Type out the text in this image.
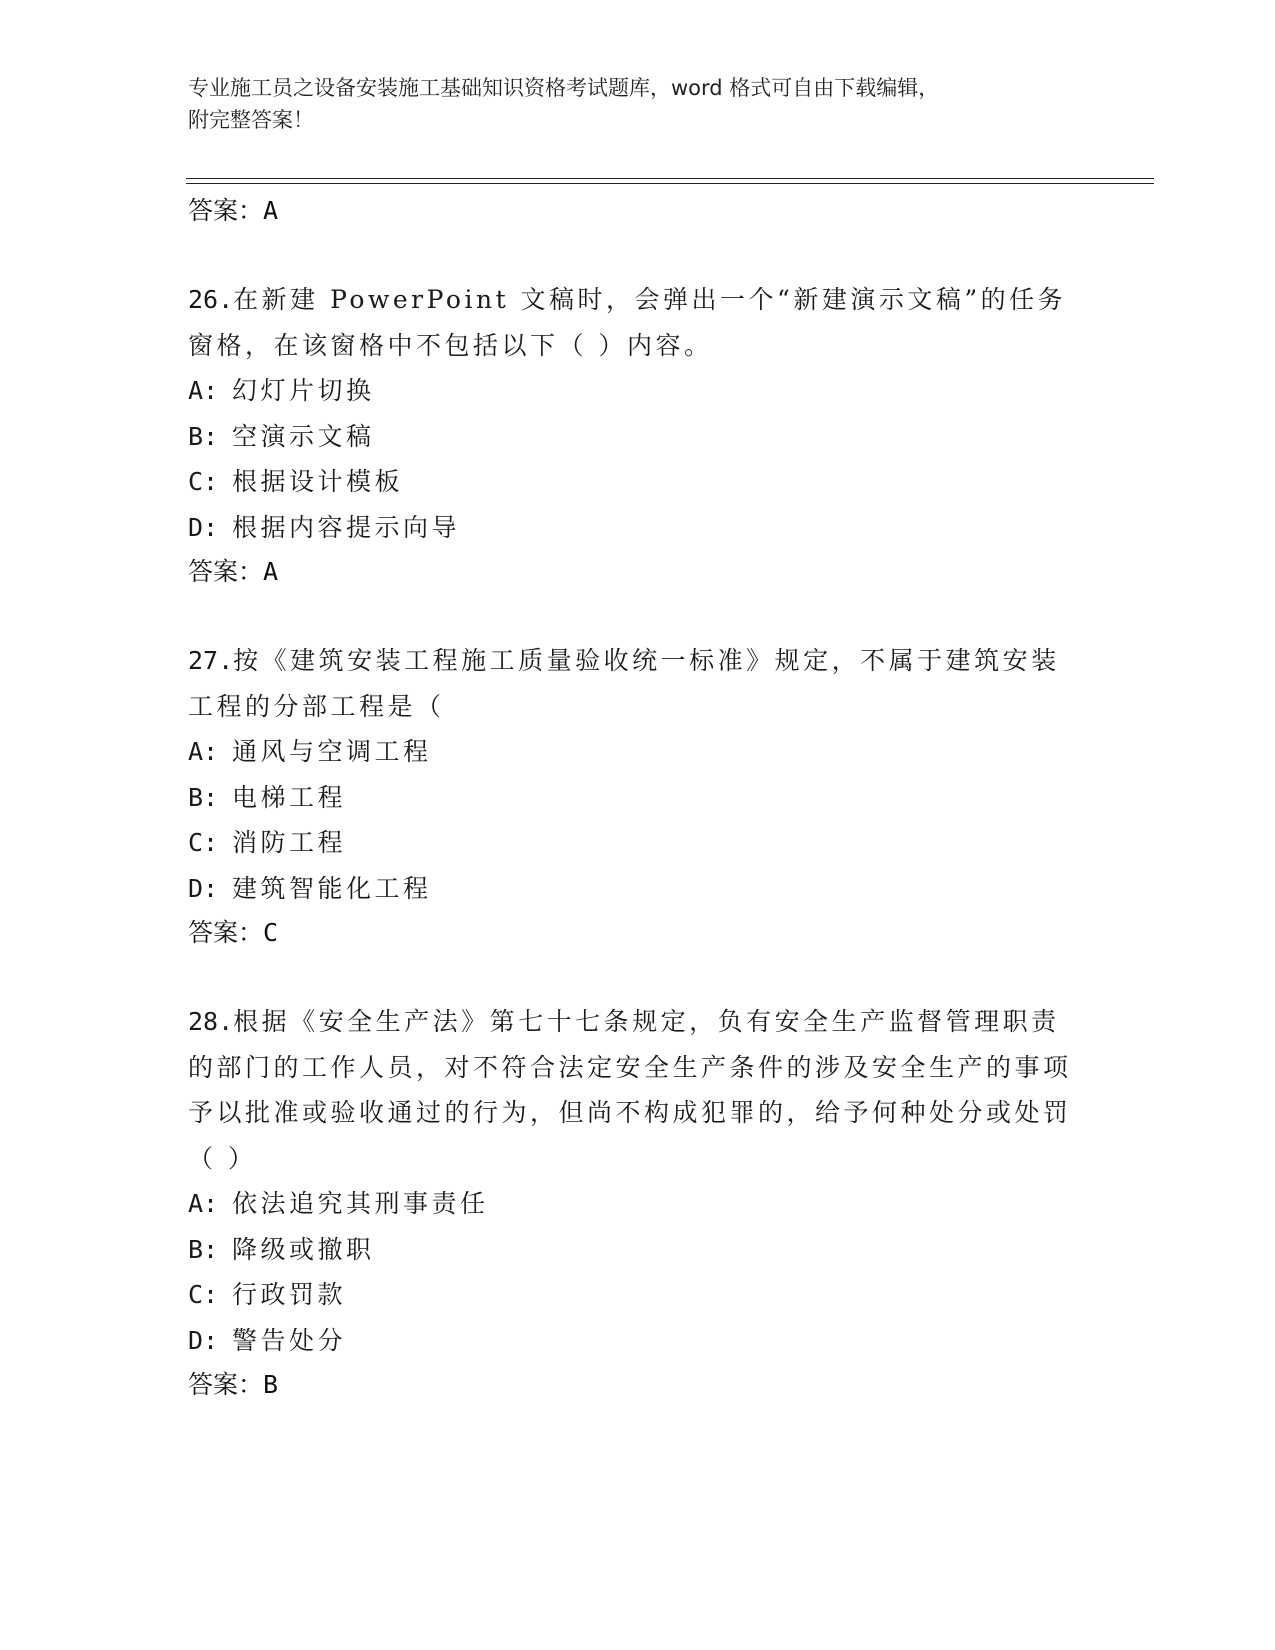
专业施工员之设备安装施工基础知识资格考试题库，word 格式可自由下载编辑，
附完整答案！
答案：A
26.在新建 PowerPoint 文稿时，会弹出一个“新建演示文稿”的任务窗格，在该窗格中不包括以下（ ）内容。
A: 幻灯片切换
B: 空演示文稿
C: 根据设计模板
D: 根据内容提示向导
答案：A
27.按《建筑安装工程施工质量验收统一标准》规定，不属于建筑安装工程的分部工程是（
A: 通风与空调工程
B: 电梯工程
C: 消防工程
D: 建筑智能化工程
答案：C
28.根据《安全生产法》第七十七条规定，负有安全生产监督管理职责的部门的工作人员，对不符合法定安全生产条件的涉及安全生产的事项予以批准或验收通过的行为，但尚不构成犯罪的，给予何种处分或处罚（ ）
A: 依法追究其刑事责任
B: 降级或撤职
C: 行政罚款
D: 警告处分
答案：B
